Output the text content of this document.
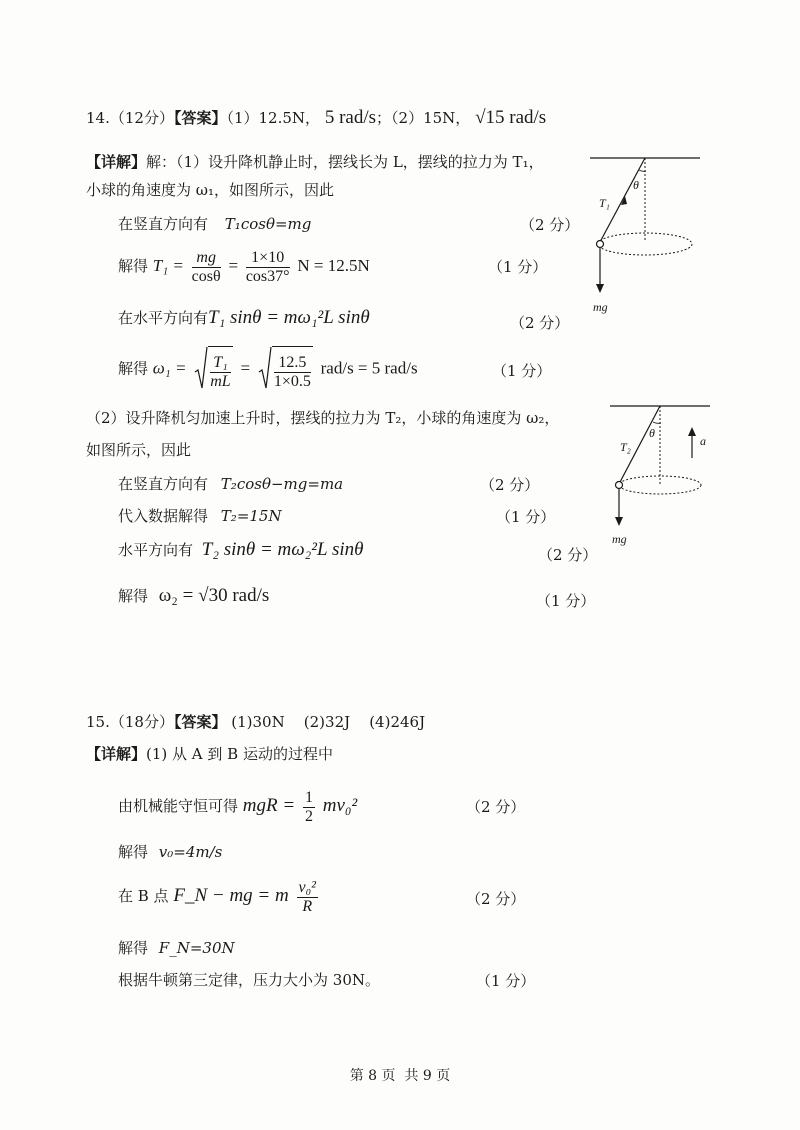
14.（12分）【答案】（1）12.5N， 5 rad/s；（2）15N， √15 rad/s
【详解】解：（1）设升降机静止时，摆线长为 L，摆线的拉力为 T₁，
小球的角速度为 ω₁，如图所示，因此
在竖直方向有 T₁cosθ=mg	（2 分）
解得 $T_1 = \frac{mg}{\cos\theta} = \frac{1\times 10}{\cos 37^\circ}$ N = 12.5N	（1 分）
在水平方向有T₁ sinθ = mω₁²L sinθ	（2 分）
解得 $\omega_1 = \frac{\text{T₁}}{mL} = \frac{12.5}{1\times 0.5} rad/s = 5$ rad/s	（1 分）
（2）设升降机匀加速上升时，摆线的拉力为 T₂，小球的角速度为 ω₂，
如图所示，因此
在竖直方向有 T₂cosθ−mg=ma	（2 分）
代入数据解得 T₂=15N	（1 分）
水平方向有 T₂ sinθ = mω₂²L sinθ	（2 分）
解得 ω₂ = √30 rad/s	（1 分）
T₁
θ
mg
T₂
θ
a
mg
15.（18分）【答案】 (1)30N    (2)32J    (4)246J
【详解】(1) 从 A 到 B 运动的过程中
由机械能守恒可得 mgR = $\frac{1}{2} mv_0^2$	（2 分）
解得 v₀=4m/s
在 B 点 F_N − mg = m $\frac{\text{v₀²}}{R}$	（2 分）
解得 F_N=30N
根据牛顿第三定律，压力大小为 30N。	（1 分）
第 8 页  共 9 页
